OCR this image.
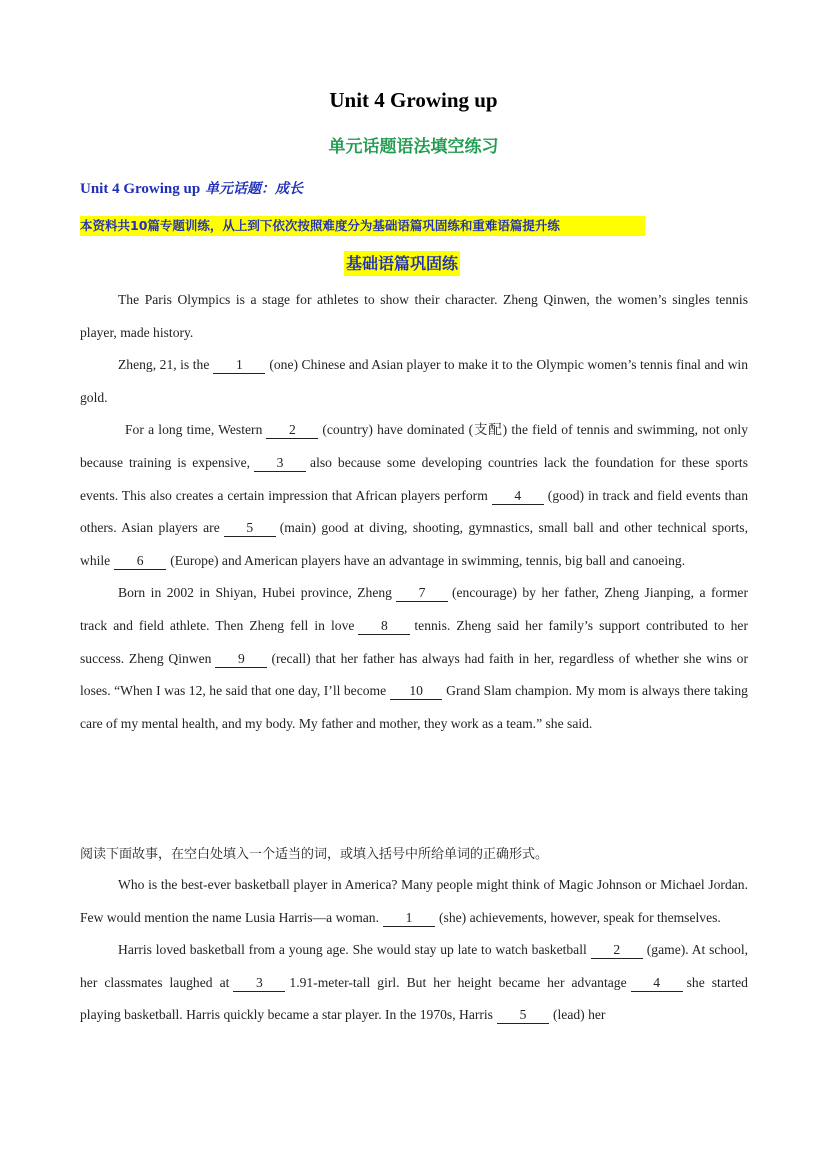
Unit 4 Growing up
单元话题语法填空练习
Unit 4 Growing up 单元话题：成长
本资料共10篇专题训练，从上到下依次按照难度分为基础语篇巩固练和重难语篇提升练
基础语篇巩固练

The Paris Olympics is a stage for athletes to show their character. Zheng Qinwen, the women’s singles tennis player, made history.

Zheng, 21, is the 1 (one) Chinese and Asian player to make it to the Olympic women’s tennis final and win gold.

For a long time, Western 2 (country) have dominated (支配) the field of tennis and swimming, not only because training is expensive, 3 also because some developing countries lack the foundation for these sports events. This also creates a certain impression that African players perform 4 (good) in track and field events than others. Asian players are 5 (main) good at diving, shooting, gymnastics, small ball and other technical sports, while 6 (Europe) and American players have an advantage in swimming, tennis, big ball and canoeing.

Born in 2002 in Shiyan, Hubei province, Zheng 7 (encourage) by her father, Zheng Jianping, a former track and field athlete. Then Zheng fell in love 8 tennis. Zheng said her family’s support contributed to her success. Zheng Qinwen 9 (recall) that her father has always had faith in her, regardless of whether she wins or loses. “When I was 12, he said that one day, I’ll become 10 Grand Slam champion. My mom is always there taking care of my mental health, and my body. My father and mother, they work as a team.” she said.

阅读下面故事，在空白处填入一个适当的词，或填入括号中所给单词的正确形式。

Who is the best-ever basketball player in America? Many people might think of Magic Johnson or Michael Jordan. Few would mention the name Lusia Harris—a woman. 1 (she) achievements, however, speak for themselves.

Harris loved basketball from a young age. She would stay up late to watch basketball 2 (game). At school, her classmates laughed at 3 1.91-meter-tall girl. But her height became her advantage 4 she started playing basketball. Harris quickly became a star player. In the 1970s, Harris 5 (lead) her
